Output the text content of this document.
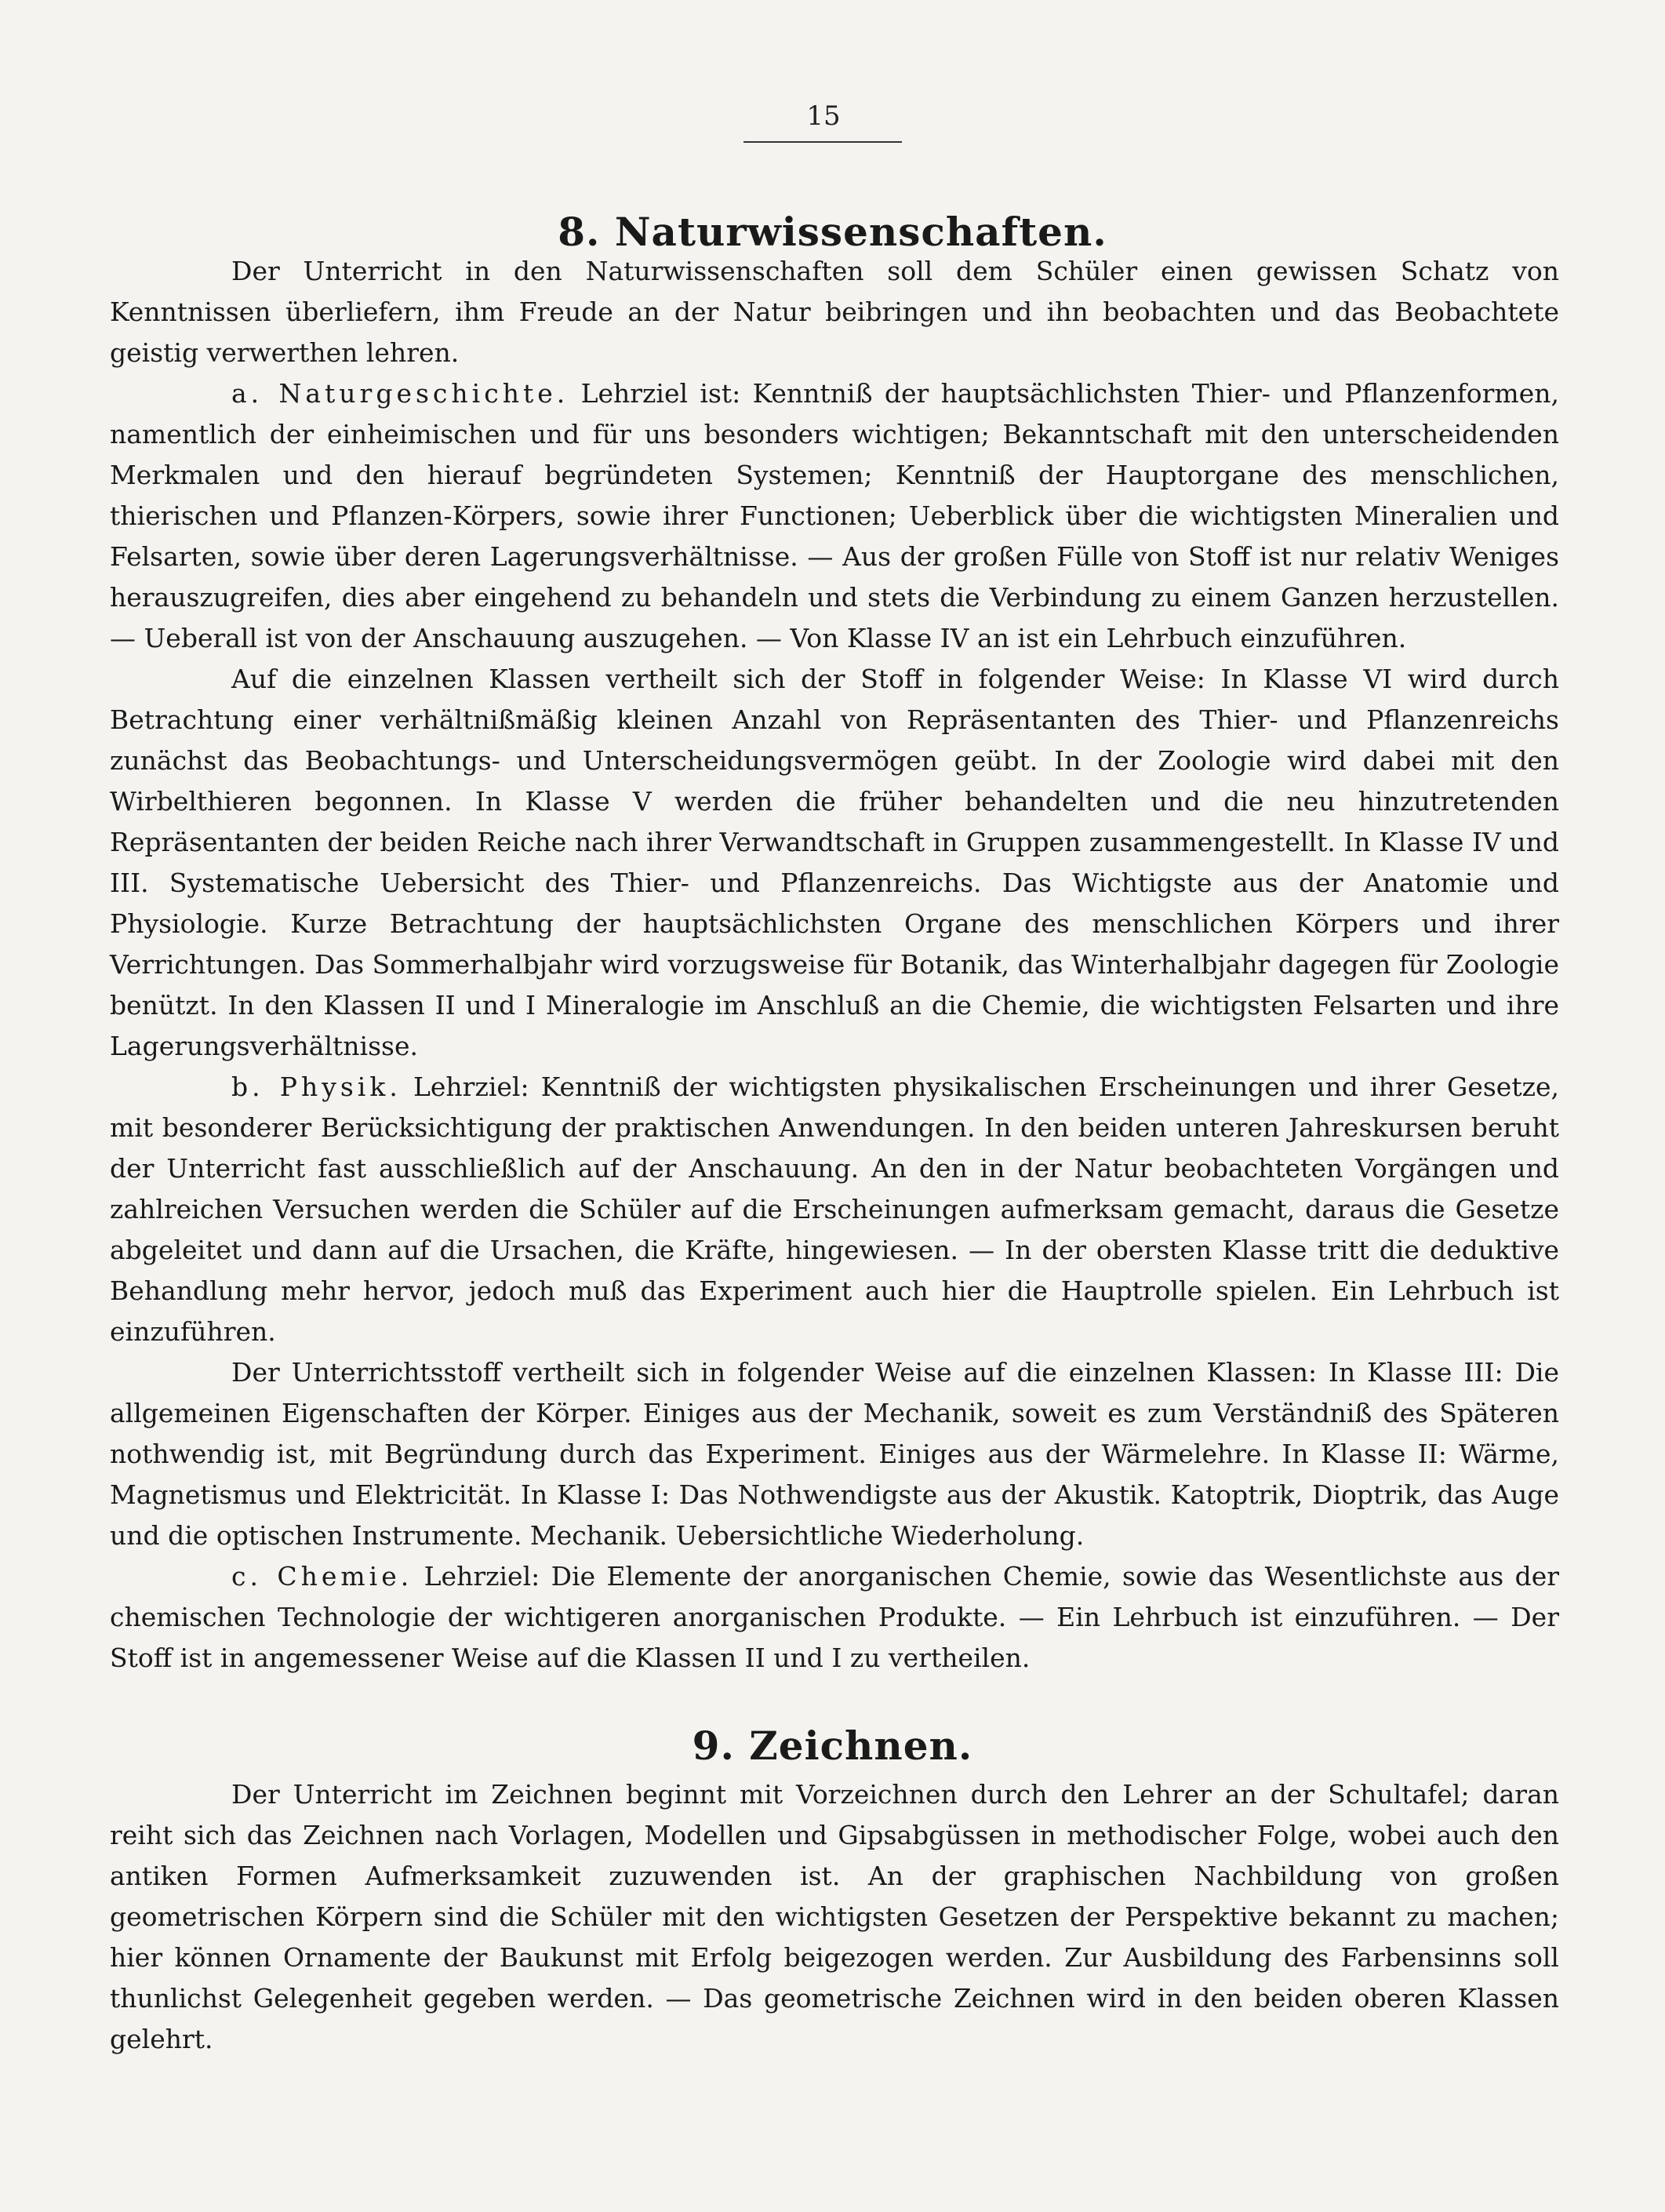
15
8. Naturwissenschaften.

Der Unterricht in den Naturwissenschaften soll dem Schüler einen gewissen Schatz von Kenntnissen überliefern, ihm Freude an der Natur beibringen und ihn beobachten und das Beobachtete geistig verwerthen lehren.

a. Naturgeschichte. Lehrziel ist: Kenntniß der hauptsächlichsten Thier- und Pflanzenformen, namentlich der einheimischen und für uns besonders wichtigen; Bekanntschaft mit den unterscheidenden Merkmalen und den hierauf begründeten Systemen; Kenntniß der Hauptorgane des menschlichen, thierischen und Pflanzen-Körpers, sowie ihrer Functionen; Ueberblick über die wichtigsten Mineralien und Felsarten, sowie über deren Lagerungsverhältnisse. — Aus der großen Fülle von Stoff ist nur relativ Weniges herauszugreifen, dies aber eingehend zu behandeln und stets die Verbindung zu einem Ganzen herzustellen. — Ueberall ist von der Anschauung auszugehen. — Von Klasse IV an ist ein Lehrbuch einzuführen.

Auf die einzelnen Klassen vertheilt sich der Stoff in folgender Weise: In Klasse VI wird durch Betrachtung einer verhältnißmäßig kleinen Anzahl von Repräsentanten des Thier- und Pflanzenreichs zunächst das Beobachtungs- und Unterscheidungsvermögen geübt. In der Zoologie wird dabei mit den Wirbelthieren begonnen. In Klasse V werden die früher behandelten und die neu hinzutretenden Repräsentanten der beiden Reiche nach ihrer Verwandtschaft in Gruppen zusammengestellt. In Klasse IV und III. Systematische Uebersicht des Thier- und Pflanzenreichs. Das Wichtigste aus der Anatomie und Physiologie. Kurze Betrachtung der hauptsächlichsten Organe des menschlichen Körpers und ihrer Verrichtungen. Das Sommerhalbjahr wird vorzugsweise für Botanik, das Winterhalbjahr dagegen für Zoologie benützt. In den Klassen II und I Mineralogie im Anschluß an die Chemie, die wichtigsten Felsarten und ihre Lagerungsverhältnisse.

b. Physik. Lehrziel: Kenntniß der wichtigsten physikalischen Erscheinungen und ihrer Gesetze, mit besonderer Berücksichtigung der praktischen Anwendungen. In den beiden unteren Jahreskursen beruht der Unterricht fast ausschließlich auf der Anschauung. An den in der Natur beobachteten Vorgängen und zahlreichen Versuchen werden die Schüler auf die Erscheinungen aufmerksam gemacht, daraus die Gesetze abgeleitet und dann auf die Ursachen, die Kräfte, hingewiesen. — In der obersten Klasse tritt die deduktive Behandlung mehr hervor, jedoch muß das Experiment auch hier die Hauptrolle spielen. Ein Lehrbuch ist einzuführen.

Der Unterrichtsstoff vertheilt sich in folgender Weise auf die einzelnen Klassen: In Klasse III: Die allgemeinen Eigenschaften der Körper. Einiges aus der Mechanik, soweit es zum Verständniß des Späteren nothwendig ist, mit Begründung durch das Experiment. Einiges aus der Wärmelehre. In Klasse II: Wärme, Magnetismus und Elektricität. In Klasse I: Das Nothwendigste aus der Akustik. Katoptrik, Dioptrik, das Auge und die optischen Instrumente. Mechanik. Uebersichtliche Wiederholung.

c. Chemie. Lehrziel: Die Elemente der anorganischen Chemie, sowie das Wesentlichste aus der chemischen Technologie der wichtigeren anorganischen Produkte. — Ein Lehrbuch ist einzuführen. — Der Stoff ist in angemessener Weise auf die Klassen II und I zu vertheilen.

9. Zeichnen.

Der Unterricht im Zeichnen beginnt mit Vorzeichnen durch den Lehrer an der Schultafel; daran reiht sich das Zeichnen nach Vorlagen, Modellen und Gipsabgüssen in methodischer Folge, wobei auch den antiken Formen Aufmerksamkeit zuzuwenden ist. An der graphischen Nachbildung von großen geometrischen Körpern sind die Schüler mit den wichtigsten Gesetzen der Perspektive bekannt zu machen; hier können Ornamente der Baukunst mit Erfolg beigezogen werden. Zur Ausbildung des Farbensinns soll thunlichst Gelegenheit gegeben werden. — Das geometrische Zeichnen wird in den beiden oberen Klassen gelehrt.
